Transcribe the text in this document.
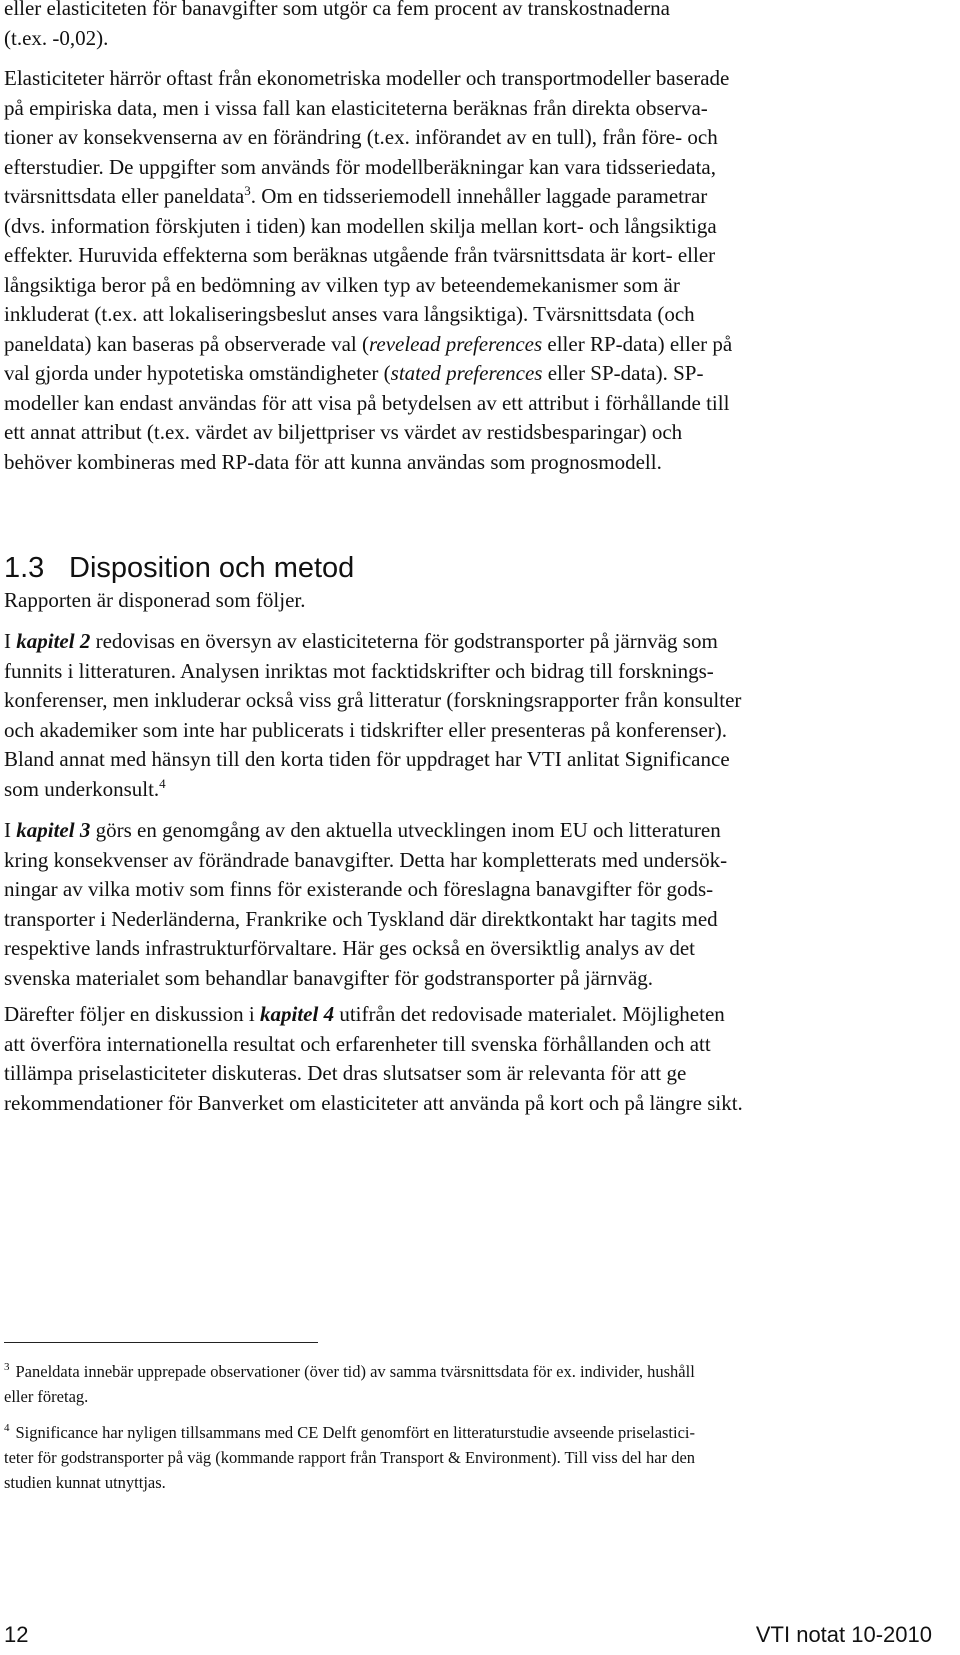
eller elasticiteten för banavgifter som utgör ca fem procent av transkostnaderna
(t.ex. -0,02).

Elasticiteter härrör oftast från ekonometriska modeller och transportmodeller baserade
på empiriska data, men i vissa fall kan elasticiteterna beräknas från direkta observa-
tioner av konsekvenserna av en förändring (t.ex. införandet av en tull), från före- och
efterstudier. De uppgifter som används för modellberäkningar kan vara tidsseriedata,
tvärsnittsdata eller paneldata$^3$. Om en tidsseriemodell innehåller laggade parametrar
(dvs. information förskjuten i tiden) kan modellen skilja mellan kort- och långsiktiga
effekter. Huruvida effekterna som beräknas utgående från tvärsnittsdata är kort- eller
långsiktiga beror på en bedömning av vilken typ av beteendemekanismer som är
inkluderat (t.ex. att lokaliseringsbeslut anses vara långsiktiga). Tvärsnittsdata (och
paneldata) kan baseras på observerade val (revelead preferences eller RP-data) eller på
val gjorda under hypotetiska omständigheter (stated preferences eller SP-data). SP-
modeller kan endast användas för att visa på betydelsen av ett attribut i förhållande till
ett annat attribut (t.ex. värdet av biljettpriser vs värdet av restidsbesparingar) och
behöver kombineras med RP-data för att kunna användas som prognosmodell.

1.3 Disposition och metod

Rapporten är disponerad som följer.

I kapitel 2 redovisas en översyn av elasticiteterna för godstransporter på järnväg som
funnits i litteraturen. Analysen inriktas mot facktidskrifter och bidrag till forsknings-
konferenser, men inkluderar också viss grå litteratur (forskningsrapporter från konsulter
och akademiker som inte har publicerats i tidskrifter eller presenteras på konferenser).
Bland annat med hänsyn till den korta tiden för uppdraget har VTI anlitat Significance
som underkonsult.$^4$

I kapitel 3 görs en genomgång av den aktuella utvecklingen inom EU och litteraturen
kring konsekvenser av förändrade banavgifter. Detta har kompletterats med undersök-
ningar av vilka motiv som finns för existerande och föreslagna banavgifter för gods-
transporter i Nederländerna, Frankrike och Tyskland där direktkontakt har tagits med
respektive lands infrastrukturförvaltare. Här ges också en översiktlig analys av det
svenska materialet som behandlar banavgifter för godstransporter på järnväg.

Därefter följer en diskussion i kapitel 4 utifrån det redovisade materialet. Möjligheten
att överföra internationella resultat och erfarenheter till svenska förhållanden och att
tillämpa priselasticiteter diskuteras. Det dras slutsatser som är relevanta för att ge
rekommendationer för Banverket om elasticiteter att använda på kort och på längre sikt.

$^3$ Paneldata innebär upprepade observationer (över tid) av samma tvärsnittsdata för ex. individer, hushåll
eller företag.

$^4$ Significance har nyligen tillsammans med CE Delft genomfört en litteraturstudie avseende priselastici-
teter för godstransporter på väg (kommande rapport från Transport & Environment). Till viss del har den
studien kunnat utnyttjas.

12	VTI notat 10-2010
